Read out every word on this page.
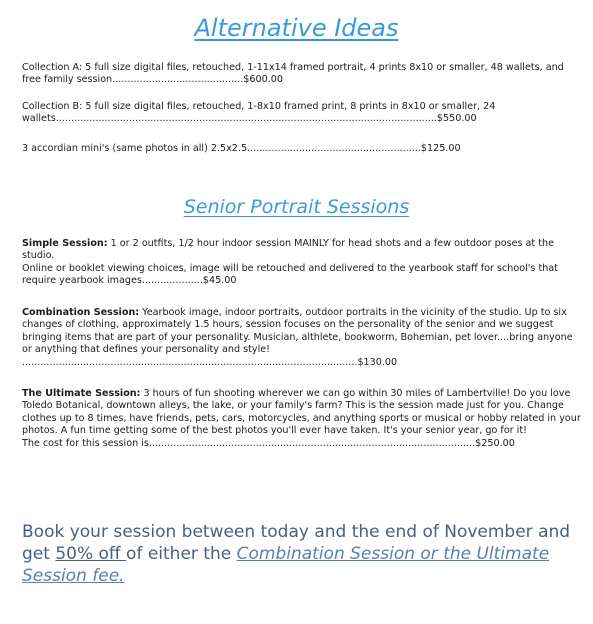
Alternative Ideas
Collection A: 5 full size digital files, retouched, 1-11x14 framed portrait, 4 prints 8x10 or smaller, 48 wallets, and free family session...........................................$600.00
Collection B: 5 full size digital files, retouched, 1-8x10 framed print, 8 prints in 8x10 or smaller, 24 wallets.............................................................................................................................$550.00
3 accordian mini's (same photos in all) 2.5x2.5.........................................................$125.00
Senior Portrait Sessions
Simple Session: 1 or 2 outfits, 1/2 hour indoor session MAINLY for head shots and a few outdoor poses at the studio.
Online or booklet viewing choices, image will be retouched and delivered to the yearbook staff for school's that require yearbook images....................$45.00
Combination Session: Yearbook image, indoor portraits, outdoor portraits in the vicinity of the studio. Up to six changes of clothing, approximately 1.5 hours, session focuses on the personality of the senior and we suggest bringing items that are part of your personality. Musician, althlete, bookworm, Bohemian, pet lover....bring anyone or anything that defines your personality and style!
..............................................................................................................$130.00
The Ultimate Session: 3 hours of fun shooting wherever we can go within 30 miles of Lambertville! Do you love Toledo Botanical, downtown alleys, the lake, or your family's farm? This is the session made just for you. Change clothes up to 8 times, have friends, pets, cars, motorcycles, and anything sports or musical or hobby related in your photos. A fun time getting some of the best photos you'll ever have taken. It's your senior year, go for it!
The cost for this session is...........................................................................................................$250.00
Book your session between today and the end of November and get 50% off of either the Combination Session or the Ultimate Session fee.
